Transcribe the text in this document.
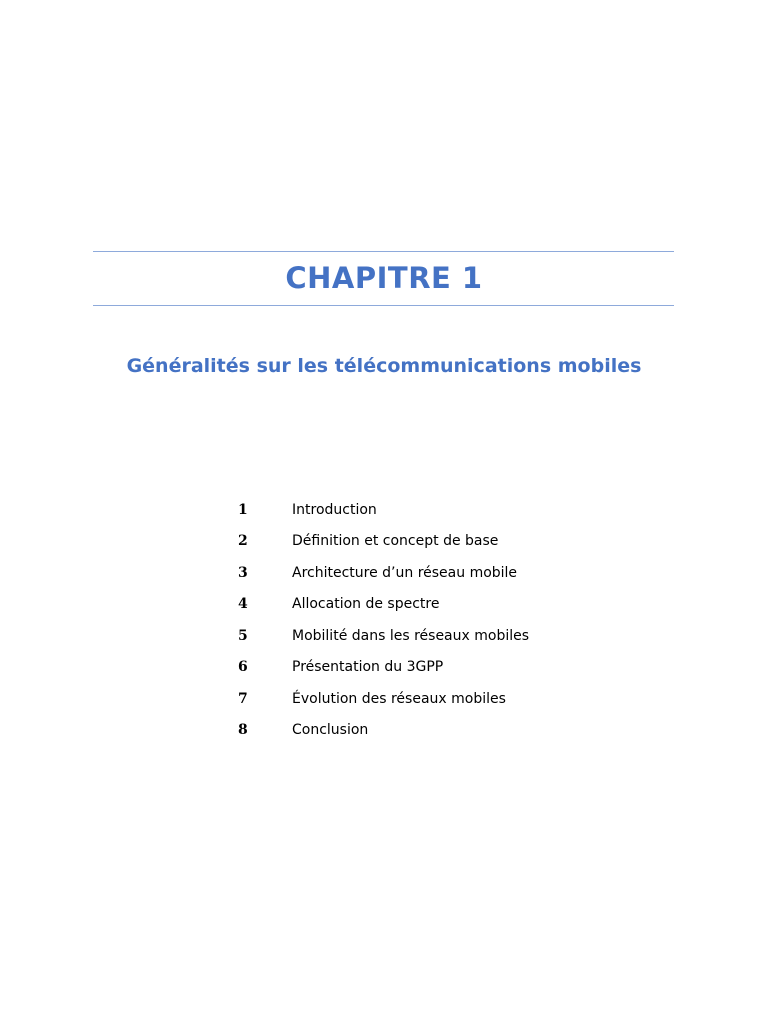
CHAPITRE 1
Généralités sur les télécommunications mobiles
1	Introduction
2	Définition et concept de base
3	Architecture d’un réseau mobile
4	Allocation de spectre
5	Mobilité dans les réseaux mobiles
6	Présentation du 3GPP
7	Évolution des réseaux mobiles
8	Conclusion
